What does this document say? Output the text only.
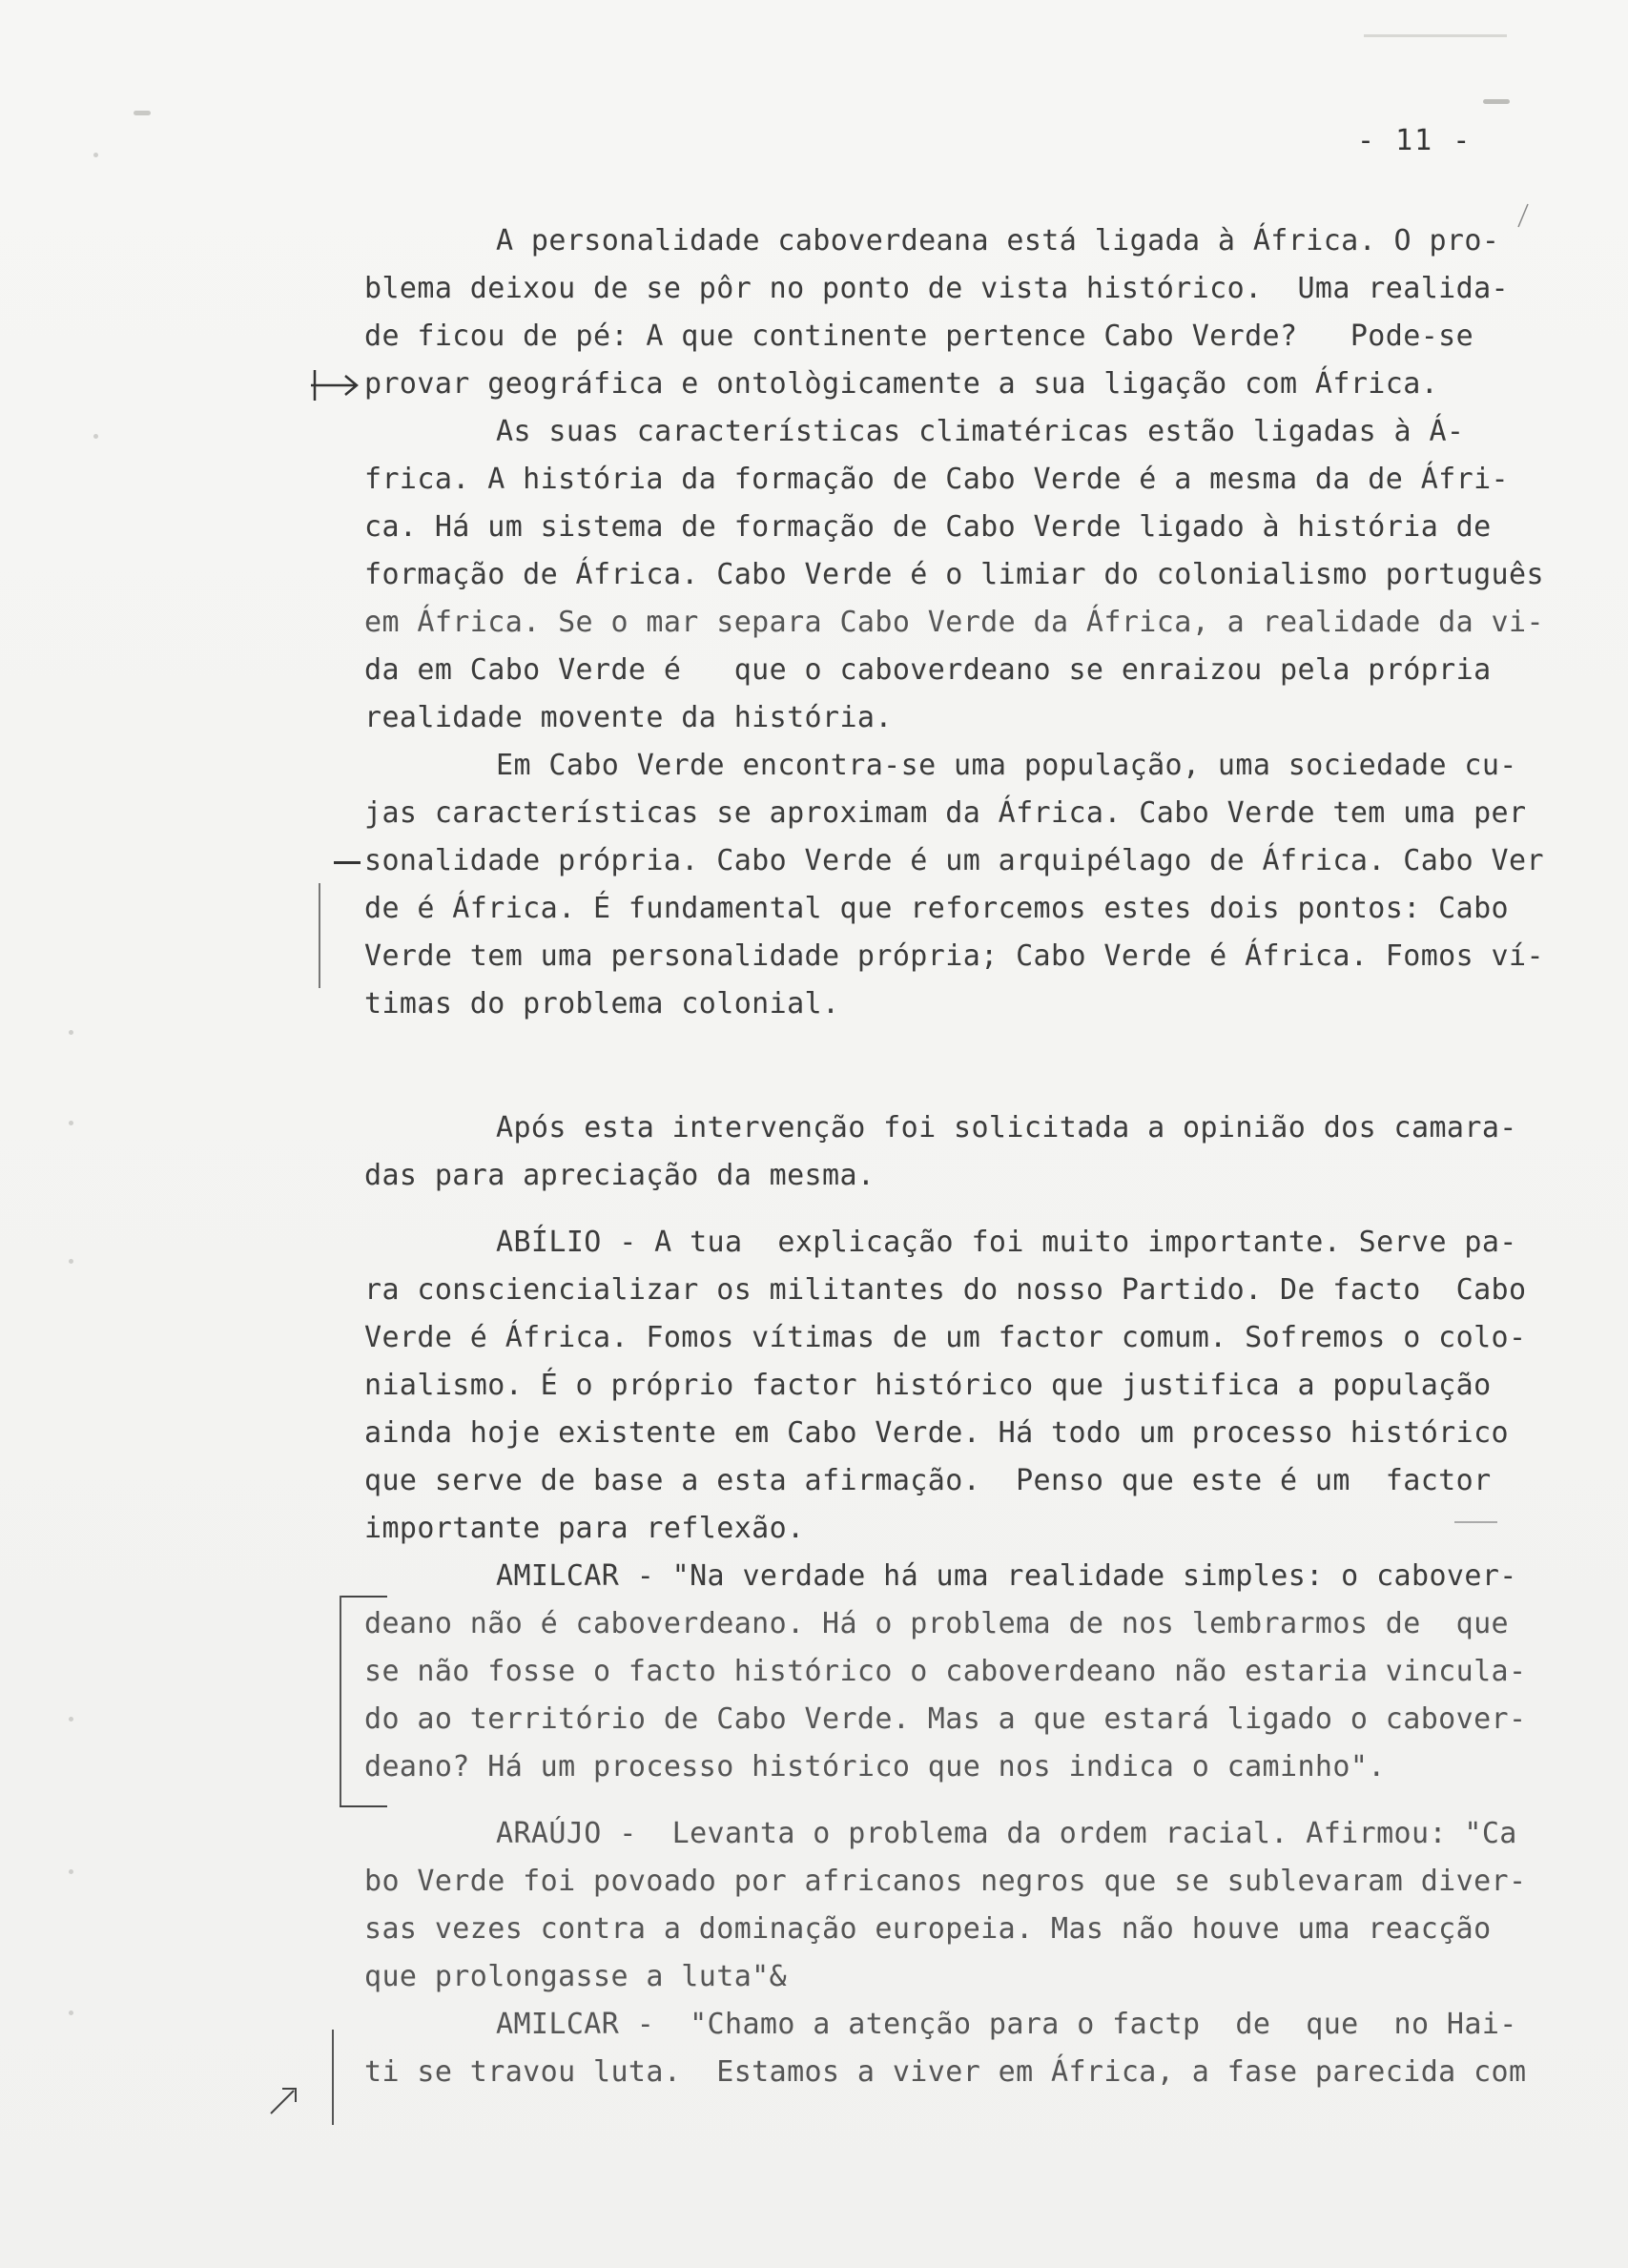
- 11 -
A personalidade caboverdeana está ligada à África. O pro-
blema deixou de se pôr no ponto de vista histórico.  Uma realida-
de ficou de pé: A que continente pertence Cabo Verde?   Pode-se
provar geográfica e ontològicamente a sua ligação com África.
As suas características climatéricas estão ligadas à Á-
frica. A história da formação de Cabo Verde é a mesma da de Áfri-
ca. Há um sistema de formação de Cabo Verde ligado à história de
formação de África. Cabo Verde é o limiar do colonialismo português
em África. Se o mar separa Cabo Verde da África, a realidade da vi-
da em Cabo Verde é   que o caboverdeano se enraizou pela própria
realidade movente da história.
Em Cabo Verde encontra-se uma população, uma sociedade cu-
jas características se aproximam da África. Cabo Verde tem uma per
sonalidade própria. Cabo Verde é um arquipélago de África. Cabo Ver
de é África. É fundamental que reforcemos estes dois pontos: Cabo
Verde tem uma personalidade própria; Cabo Verde é África. Fomos ví-
timas do problema colonial.
Após esta intervenção foi solicitada a opinião dos camara-
das para apreciação da mesma.
ABÍLIO - A tua  explicação foi muito importante. Serve pa-
ra consciencializar os militantes do nosso Partido. De facto  Cabo
Verde é África. Fomos vítimas de um factor comum. Sofremos o colo-
nialismo. É o próprio factor histórico que justifica a população
ainda hoje existente em Cabo Verde. Há todo um processo histórico
que serve de base a esta afirmação.  Penso que este é um  factor
importante para reflexão.
AMILCAR - "Na verdade há uma realidade simples: o cabover-
deano não é caboverdeano. Há o problema de nos lembrarmos de  que
se não fosse o facto histórico o caboverdeano não estaria vincula-
do ao território de Cabo Verde. Mas a que estará ligado o cabover-
deano? Há um processo histórico que nos indica o caminho".
ARAÚJO -  Levanta o problema da ordem racial. Afirmou: "Ca
bo Verde foi povoado por africanos negros que se sublevaram diver-
sas vezes contra a dominação europeia. Mas não houve uma reacção
que prolongasse a luta"&
AMILCAR -  "Chamo a atenção para o factp  de  que  no Hai-
ti se travou luta.  Estamos a viver em África, a fase parecida com
